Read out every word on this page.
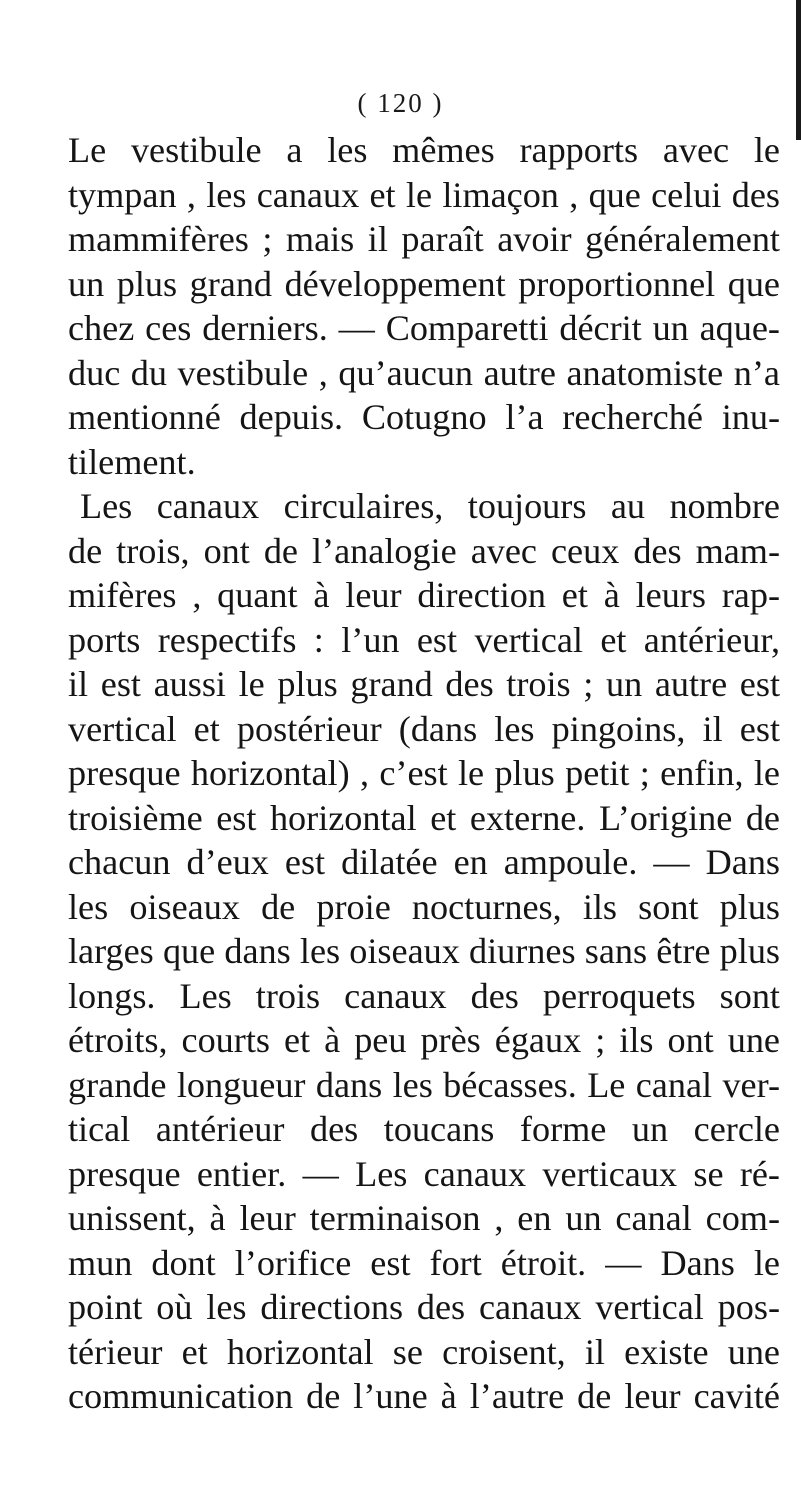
( 120 )
Le vestibule a les mêmes rapports avec le
tympan , les canaux et le limaçon , que celui des
mammifères ; mais il paraît avoir généralement
un plus grand développement proportionnel que
chez ces derniers. — Comparetti décrit un aque-
duc du vestibule , qu’aucun autre anatomiste n’a
mentionné depuis. Cotugno l’a recherché inu-
tilement.
Les canaux circulaires, toujours au nombre
de trois, ont de l’analogie avec ceux des mam-
mifères , quant à leur direction et à leurs rap-
ports respectifs : l’un est vertical et antérieur,
il est aussi le plus grand des trois ; un autre est
vertical et postérieur (dans les pingoins, il est
presque horizontal) , c’est le plus petit ; enfin, le
troisième est horizontal et externe. L’origine de
chacun d’eux est dilatée en ampoule. — Dans
les oiseaux de proie nocturnes, ils sont plus
larges que dans les oiseaux diurnes sans être plus
longs. Les trois canaux des perroquets sont
étroits, courts et à peu près égaux ; ils ont une
grande longueur dans les bécasses. Le canal ver-
tical antérieur des toucans forme un cercle
presque entier. — Les canaux verticaux se ré-
unissent, à leur terminaison , en un canal com-
mun dont l’orifice est fort étroit. — Dans le
point où les directions des canaux vertical pos-
térieur et horizontal se croisent, il existe une
communication de l’une à l’autre de leur cavité
